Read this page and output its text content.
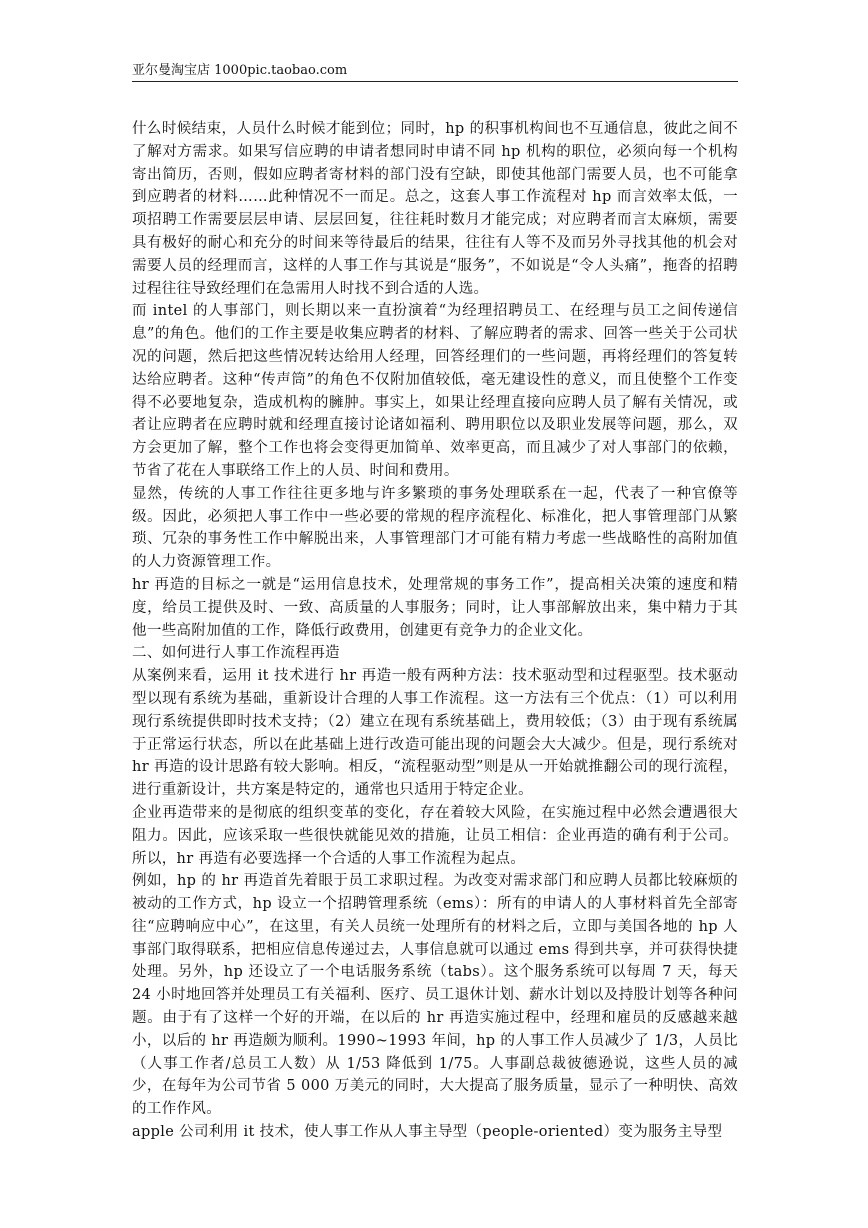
亚尔曼淘宝店 1000pic.taobao.com

什么时候结束，人员什么时候才能到位；同时，hp 的积事机构间也不互通信息，彼此之间不了解对方需求。如果写信应聘的申请者想同时申请不同 hp 机构的职位，必须向每一个机构寄出简历，否则，假如应聘者寄材料的部门没有空缺，即使其他部门需要人员，也不可能拿到应聘者的材料……此种情况不一而足。总之，这套人事工作流程对 hp 而言效率太低，一项招聘工作需要层层申请、层层回复，往往耗时数月才能完成；对应聘者而言太麻烦，需要具有极好的耐心和充分的时间来等待最后的结果，往往有人等不及而另外寻找其他的机会对需要人员的经理而言，这样的人事工作与其说是“服务”，不如说是“令人头痛”，拖沓的招聘过程往往导致经理们在急需用人时找不到合适的人选。

而 intel 的人事部门，则长期以来一直扮演着“为经理招聘员工、在经理与员工之间传递信息”的角色。他们的工作主要是收集应聘者的材料、了解应聘者的需求、回答一些关于公司状况的问题，然后把这些情况转达给用人经理，回答经理们的一些问题，再将经理们的答复转达给应聘者。这种“传声筒”的角色不仅附加值较低，毫无建设性的意义，而且使整个工作变得不必要地复杂，造成机构的臃肿。事实上，如果让经理直接向应聘人员了解有关情况，或者让应聘者在应聘时就和经理直接讨论诸如福利、聘用职位以及职业发展等问题，那么，双方会更加了解，整个工作也将会变得更加简单、效率更高，而且减少了对人事部门的依赖，节省了花在人事联络工作上的人员、时间和费用。

显然，传统的人事工作往往更多地与许多繁琐的事务处理联系在一起，代表了一种官僚等级。因此，必须把人事工作中一些必要的常规的程序流程化、标准化，把人事管理部门从繁琐、冗杂的事务性工作中解脱出来，人事管理部门才可能有精力考虑一些战略性的高附加值的人力资源管理工作。

hr 再造的目标之一就是“运用信息技术，处理常规的事务工作”，提高相关决策的速度和精度，给员工提供及时、一致、高质量的人事服务；同时，让人事部解放出来，集中精力于其他一些高附加值的工作，降低行政费用，创建更有竞争力的企业文化。

二、如何进行人事工作流程再造

从案例来看，运用 it 技术进行 hr 再造一般有两种方法：技术驱动型和过程驱型。技术驱动型以现有系统为基础，重新设计合理的人事工作流程。这一方法有三个优点：（1）可以利用现行系统提供即时技术支持；（2）建立在现有系统基础上，费用较低；（3）由于现有系统属于正常运行状态，所以在此基础上进行改造可能出现的问题会大大减少。但是，现行系统对 hr 再造的设计思路有较大影响。相反，“流程驱动型”则是从一开始就推翻公司的现行流程，进行重新设计，共方案是特定的，通常也只适用于特定企业。

企业再造带来的是彻底的组织变革的变化，存在着较大风险，在实施过程中必然会遭遇很大阻力。因此，应该采取一些很快就能见效的措施，让员工相信：企业再造的确有利于公司。所以，hr 再造有必要选择一个合适的人事工作流程为起点。

例如，hp 的 hr 再造首先着眼于员工求职过程。为改变对需求部门和应聘人员都比较麻烦的被动的工作方式，hp 设立一个招聘管理系统（ems）：所有的申请人的人事材料首先全部寄往“应聘响应中心”，在这里，有关人员统一处理所有的材料之后，立即与美国各地的 hp 人事部门取得联系，把相应信息传递过去，人事信息就可以通过 ems 得到共享，并可获得快捷处理。另外，hp 还设立了一个电话服务系统（tabs）。这个服务系统可以每周 7 天，每天 24 小时地回答并处理员工有关福利、医疗、员工退休计划、薪水计划以及持股计划等各种问题。由于有了这样一个好的开端，在以后的 hr 再造实施过程中，经理和雇员的反感越来越小，以后的 hr 再造颇为顺利。1990~1993 年间，hp 的人事工作人员减少了 1/3，人员比（人事工作者/总员工人数）从 1/53 降低到 1/75。人事副总裁彼德逊说，这些人员的减少，在每年为公司节省 5 000 万美元的同时，大大提高了服务质量，显示了一种明快、高效的工作作风。

apple 公司利用 it 技术，使人事工作从人事主导型（people-oriented）变为服务主导型
